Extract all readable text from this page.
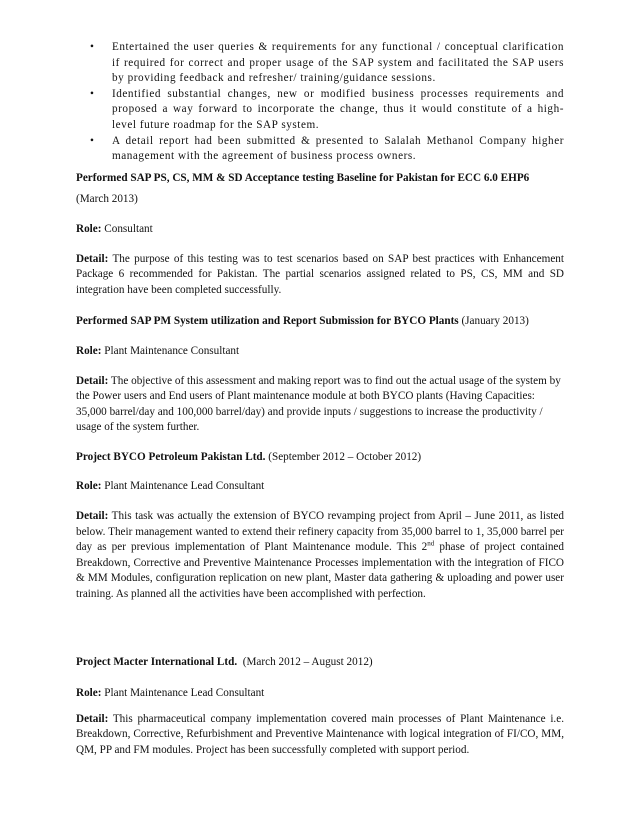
• Entertained the user queries & requirements for any functional / conceptual clarification if required for correct and proper usage of the SAP system and facilitated the SAP users by providing feedback and refresher/ training/guidance sessions.
• Identified substantial changes, new or modified business processes requirements and proposed a way forward to incorporate the change, thus it would constitute of a high-level future roadmap for the SAP system.
• A detail report had been submitted & presented to Salalah Methanol Company higher management with the agreement of business process owners.

Performed SAP PS, CS, MM & SD Acceptance testing Baseline for Pakistan for ECC 6.0 EHP6

(March 2013)

Role: Consultant

Detail: The purpose of this testing was to test scenarios based on SAP best practices with Enhancement Package 6 recommended for Pakistan. The partial scenarios assigned related to PS, CS, MM and SD integration have been completed successfully.

Performed SAP PM System utilization and Report Submission for BYCO Plants (January 2013)

Role: Plant Maintenance Consultant

Detail: The objective of this assessment and making report was to find out the actual usage of the system by the Power users and End users of Plant maintenance module at both BYCO plants (Having Capacities: 35,000 barrel/day and 100,000 barrel/day) and provide inputs / suggestions to increase the productivity / usage of the system further.

Project BYCO Petroleum Pakistan Ltd. (September 2012 – October 2012)

Role: Plant Maintenance Lead Consultant

Detail: This task was actually the extension of BYCO revamping project from April – June 2011, as listed below. Their management wanted to extend their refinery capacity from 35,000 barrel to 1, 35,000 barrel per day as per previous implementation of Plant Maintenance module. This 2nd phase of project contained Breakdown, Corrective and Preventive Maintenance Processes implementation with the integration of FICO & MM Modules, configuration replication on new plant, Master data gathering & uploading and power user training. As planned all the activities have been accomplished with perfection.

Project Macter International Ltd. (March 2012 – August 2012)

Role: Plant Maintenance Lead Consultant

Detail: This pharmaceutical company implementation covered main processes of Plant Maintenance i.e. Breakdown, Corrective, Refurbishment and Preventive Maintenance with logical integration of FI/CO, MM, QM, PP and FM modules. Project has been successfully completed with support period.
